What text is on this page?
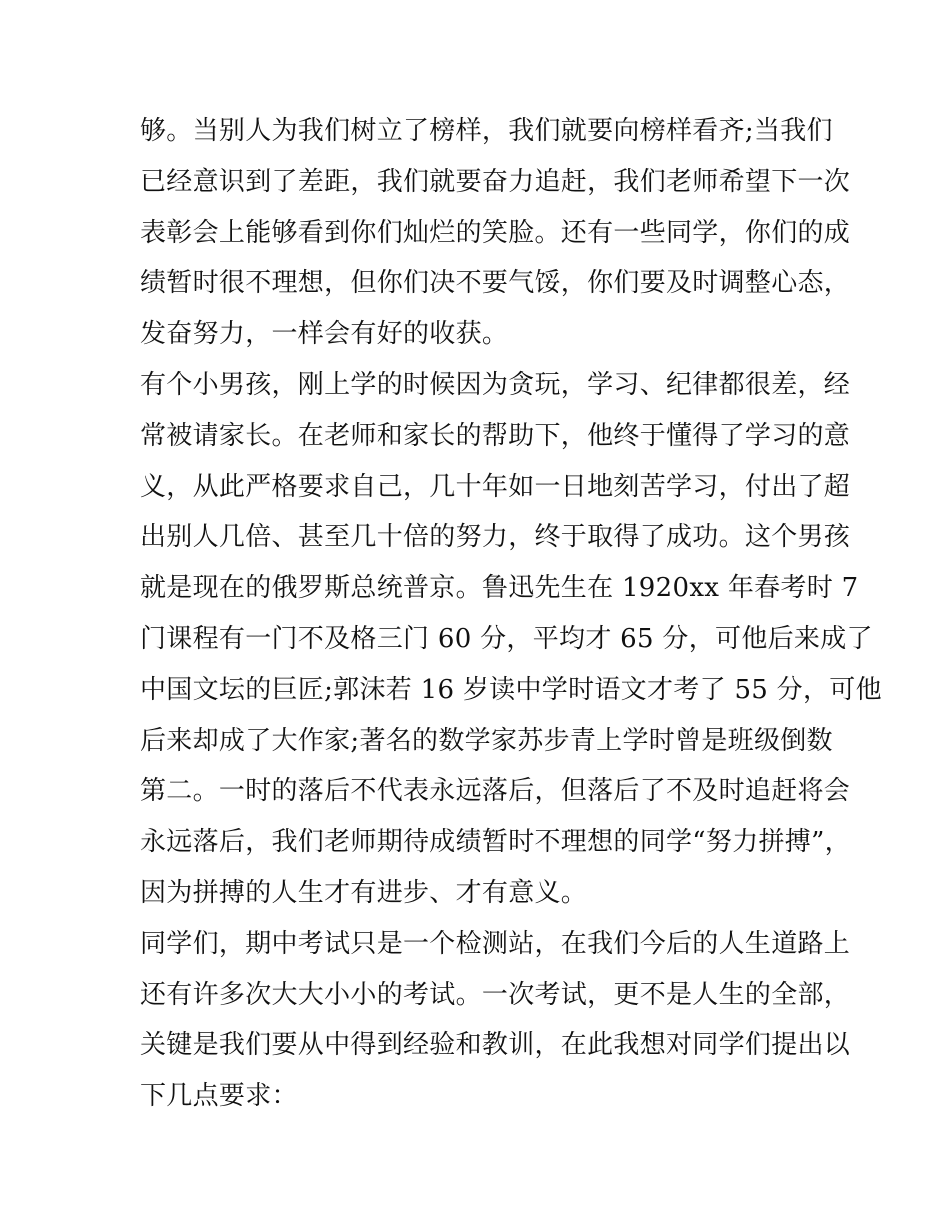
够。当别人为我们树立了榜样，我们就要向榜样看齐;当我们
已经意识到了差距，我们就要奋力追赶，我们老师希望下一次
表彰会上能够看到你们灿烂的笑脸。还有一些同学，你们的成
绩暂时很不理想，但你们决不要气馁，你们要及时调整心态，
发奋努力，一样会有好的收获。
有个小男孩，刚上学的时候因为贪玩，学习、纪律都很差，经
常被请家长。在老师和家长的帮助下，他终于懂得了学习的意
义，从此严格要求自己，几十年如一日地刻苦学习，付出了超
出别人几倍、甚至几十倍的努力，终于取得了成功。这个男孩
就是现在的俄罗斯总统普京。鲁迅先生在 1920xx 年春考时 7
门课程有一门不及格三门 60 分，平均才 65 分，可他后来成了
中国文坛的巨匠;郭沫若 16 岁读中学时语文才考了 55 分，可他
后来却成了大作家;著名的数学家苏步青上学时曾是班级倒数
第二。一时的落后不代表永远落后，但落后了不及时追赶将会
永远落后，我们老师期待成绩暂时不理想的同学“努力拼搏”，
因为拼搏的人生才有进步、才有意义。
同学们，期中考试只是一个检测站，在我们今后的人生道路上
还有许多次大大小小的考试。一次考试，更不是人生的全部，
关键是我们要从中得到经验和教训，在此我想对同学们提出以
下几点要求：
